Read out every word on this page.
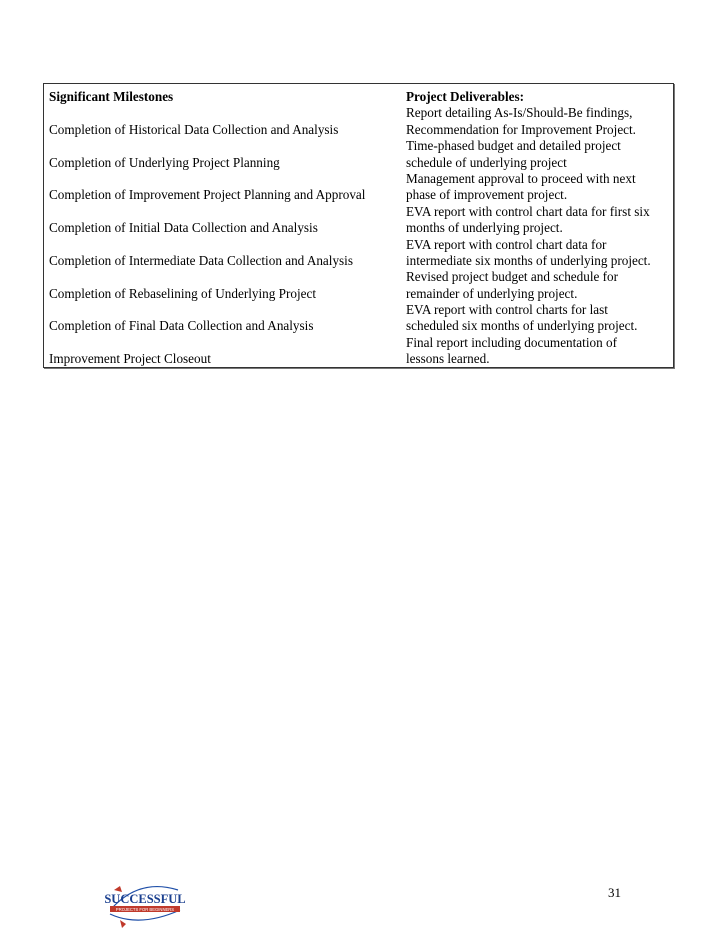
Significant Milestones
Completion of Historical Data Collection and Analysis
Completion of Underlying Project Planning
Completion of Improvement Project Planning and Approval
Completion of Initial Data Collection and Analysis
Completion of Intermediate Data Collection and Analysis
Completion of Rebaselining of Underlying Project
Completion of Final Data Collection and Analysis
Improvement Project Closeout
Project Deliverables:
Report detailing As-Is/Should-Be findings,
Recommendation for Improvement Project.
Time-phased budget and detailed project
schedule of underlying project
Management approval to proceed with next
phase of improvement project.
EVA report with control chart data for first six
months of underlying project.
EVA report with control chart data for
intermediate six months of underlying project.
Revised project budget and schedule for
remainder of underlying project.
EVA report with control charts for last
scheduled six months of underlying project.
Final report including documentation of
lessons learned.
SUCCESSFUL
PROJECTS FOR BEGINNERS
31
